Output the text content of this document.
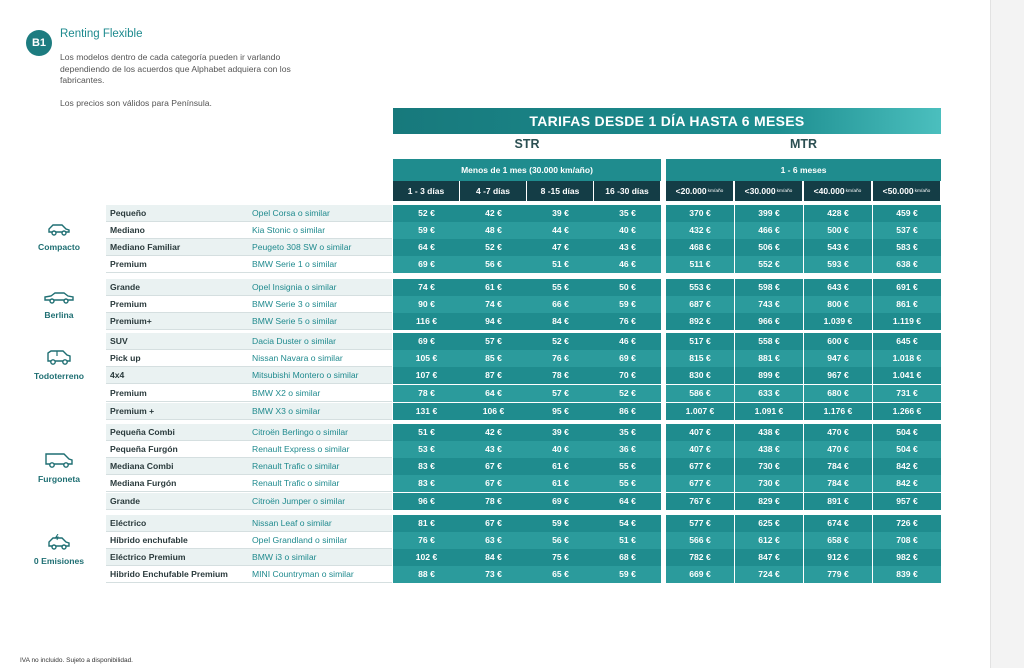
B1
Renting Flexible
Los modelos dentro de cada categoría pueden ir varlando dependiendo de los acuerdos que Alphabet adquiera con los fabricantes.
Los precios son válidos para Península.
TARIFAS DESDE 1 DÍA HASTA 6 MESES
STR	MTR
Menos de 1 mes (30.000 km/año)	1 - 6 meses
1 - 3 días	4 -7 días	8 -15 días	16 -30 días	<20.000 km/año	<30.000 km/año	<40.000 km/año	<50.000 km/año
Pequeño	Opel Corsa o similar	52 €	42 €	39 €	35 €	370 €	399 €	428 €	459 €
Mediano	Kia Stonic o similar	59 €	48 €	44 €	40 €	432 €	466 €	500 €	537 €
Mediano Familiar	Peugeto 308 SW o similar	64 €	52 €	47 €	43 €	468 €	506 €	543 €	583 €
Premium	BMW Serie 1 o similar	69 €	56 €	51 €	46 €	511 €	552 €	593 €	638 €
Grande	Opel Insignia o similar	74 €	61 €	55 €	50 €	553 €	598 €	643 €	691 €
Premium	BMW Serie 3 o similar	90 €	74 €	66 €	59 €	687 €	743 €	800 €	861 €
Premium+	BMW Serie 5 o similar	116 €	94 €	84 €	76 €	892 €	966 €	1.039 €	1.119 €
SUV	Dacia Duster o similar	69 €	57 €	52 €	46 €	517 €	558 €	600 €	645 €
Pick up	Nissan Navara o similar	105 €	85 €	76 €	69 €	815 €	881 €	947 €	1.018 €
4x4	Mitsubishi Montero o similar	107 €	87 €	78 €	70 €	830 €	899 €	967 €	1.041 €
Premium	BMW X2 o similar	78 €	64 €	57 €	52 €	586 €	633 €	680 €	731 €
Premium +	BMW X3 o similar	131 €	106 €	95 €	86 €	1.007 €	1.091 €	1.176 €	1.266 €
Pequeña Combi	Citroën Berlingo o similar	51 €	42 €	39 €	35 €	407 €	438 €	470 €	504 €
Pequeña Furgón	Renault Express o similar	53 €	43 €	40 €	36 €	407 €	438 €	470 €	504 €
Mediana Combi	Renault Trafic o similar	83 €	67 €	61 €	55 €	677 €	730 €	784 €	842 €
Mediana Furgón	Renault Trafic o similar	83 €	67 €	61 €	55 €	677 €	730 €	784 €	842 €
Grande	Citroën Jumper o similar	96 €	78 €	69 €	64 €	767 €	829 €	891 €	957 €
Eléctrico	Nissan Leaf o similar	81 €	67 €	59 €	54 €	577 €	625 €	674 €	726 €
Híbrido enchufable	Opel Grandland o similar	76 €	63 €	56 €	51 €	566 €	612 €	658 €	708 €
Eléctrico Premium	BMW i3 o similar	102 €	84 €	75 €	68 €	782 €	847 €	912 €	982 €
Hibrido Enchufable Premium	MINI Countryman o similar	88 €	73 €	65 €	59 €	669 €	724 €	779 €	839 €
Compacto
Berlina
Todoterreno
Furgoneta
0 Emisiones
IVA no incluido. Sujeto a disponibilidad.
